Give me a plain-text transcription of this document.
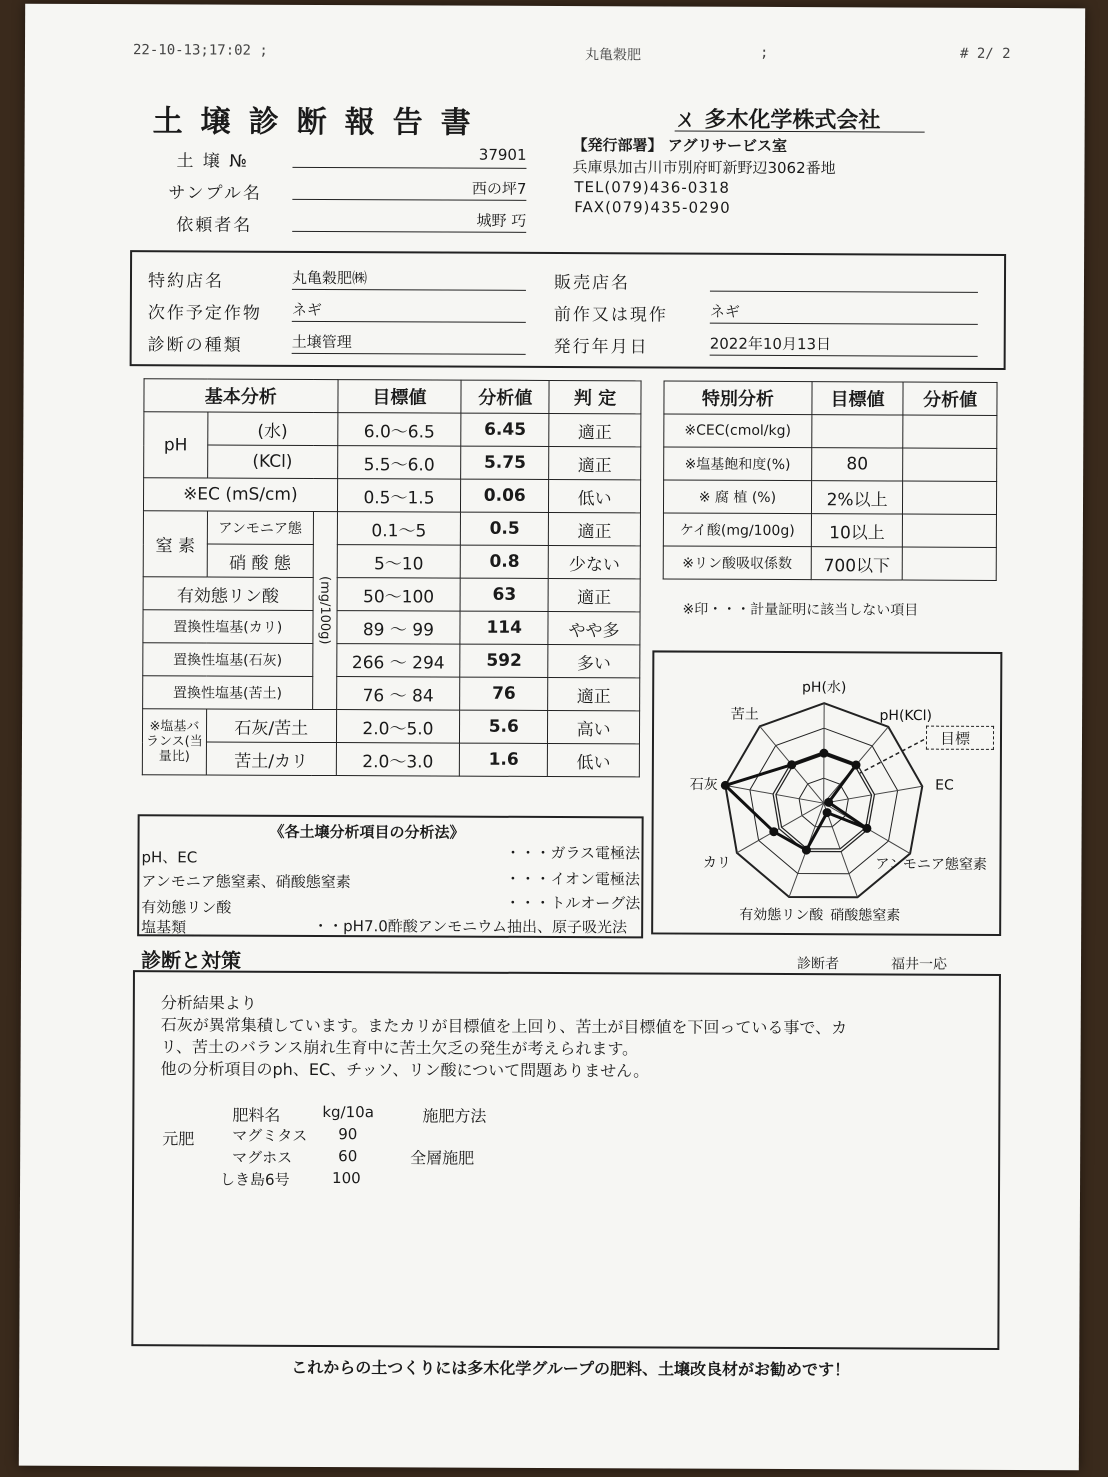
22-10-13;17:02 ;	丸亀穀肥	;	# 2/ 2
土壌診断報告書	ㄨ 多木化学株式会社
【発行部署】 アグリサービス室
兵庫県加古川市別府町新野辺3062番地
TEL(079)436-0318
FAX(079)435-0290
土 壌 №	37901
サンプル名	西の坪7
依頼者名	城野 巧
特約店名	丸亀穀肥㈱	販売店名
次作予定作物 ネギ	前作又は現作	ネギ
診断の種類	土壌管理	発行年月日	2022年10月13日
基本分析			目標値	分析値	判 定
pH	(水)		6.0〜6.5	6.45	適正
	(KCl)		5.5〜6.0	5.75	適正
※EC (mS/cm)			0.5〜1.5	0.06	低い
窒 素	アンモニア態	(mg/100g)	0.1〜5	0.5	適正
	硝 酸 態		5〜10	0.8	少ない
有効態リン酸			50〜100	63	適正
置換性塩基(カリ)			89 〜 99	114	やや多
置換性塩基(石灰)			266 〜 294	592	多い
置換性塩基(苦土)			76 〜 84	76	適正
※塩基バランス(当量比)	石灰/苦土		2.0〜5.0	5.6	高い
	苦土/カリ		2.0〜3.0	1.6	低い
特別分析	目標値	分析値
※CEC(cmol/kg)		
※塩基飽和度(%)	80	
※ 腐 植 (%)	2%以上	
ケイ酸(mg/100g)	10以上	
※リン酸吸収係数	700以下	
※印・・・計量証明に該当しない項目
pH(水)
pH(KCl)
EC
アンモニア態窒素
硝酸態窒素
有効態リン酸
カリ
石灰
苦土
目標
《各土壌分析項目の分析法》
pH、EC	・・・ガラス電極法
アンモニア態窒素、硝酸態窒素	・・・イオン電極法
有効態リン酸	・・・トルオーグ法
塩基類	・・pH7.0酢酸アンモニウム抽出、原子吸光法
診断と対策	診断者	福井一応
分析結果より
石灰が異常集積しています。またカリが目標値を上回り、苦土が目標値を下回っている事で、カ
リ、苦土のバランス崩れ生育中に苦土欠乏の発生が考えられます。
他の分析項目のph、EC、チッソ、リン酸について問題ありません。
肥料名	kg/10a	施肥方法
元肥	マグミタス 90
マグホス	60	全層施肥
しき島6号	100
これからの土つくりには多木化学グループの肥料、土壌改良材がお勧めです！
